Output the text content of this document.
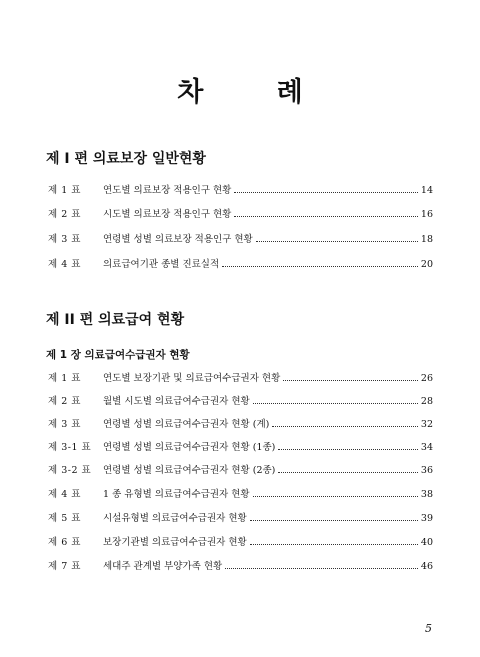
차 례
제 I 편 의료보장 일반현황
제 1 표	연도별 의료보장 적용인구 현황	14
제 2 표	시도별 의료보장 적용인구 현황	16
제 3 표	연령별 성별 의료보장 적용인구 현황	18
제 4 표	의료급여기관 종별 진료실적	20
제 II 편 의료급여 현황
제 1 장 의료급여수급권자 현황
제 1 표	연도별 보장기관 및 의료급여수급권자 현황	26
제 2 표	월별 시도별 의료급여수급권자 현황	28
제 3 표	연령별 성별 의료급여수급권자 현황 (계)	32
제 3-1 표	연령별 성별 의료급여수급권자 현황 (1종)	34
제 3-2 표	연령별 성별 의료급여수급권자 현황 (2종)	36
제 4 표	1 종 유형별 의료급여수급권자 현황	38
제 5 표	시설유형별 의료급여수급권자 현황	39
제 6 표	보장기관별 의료급여수급권자 현황	40
제 7 표	세대주 관계별 부양가족 현황	46
5
